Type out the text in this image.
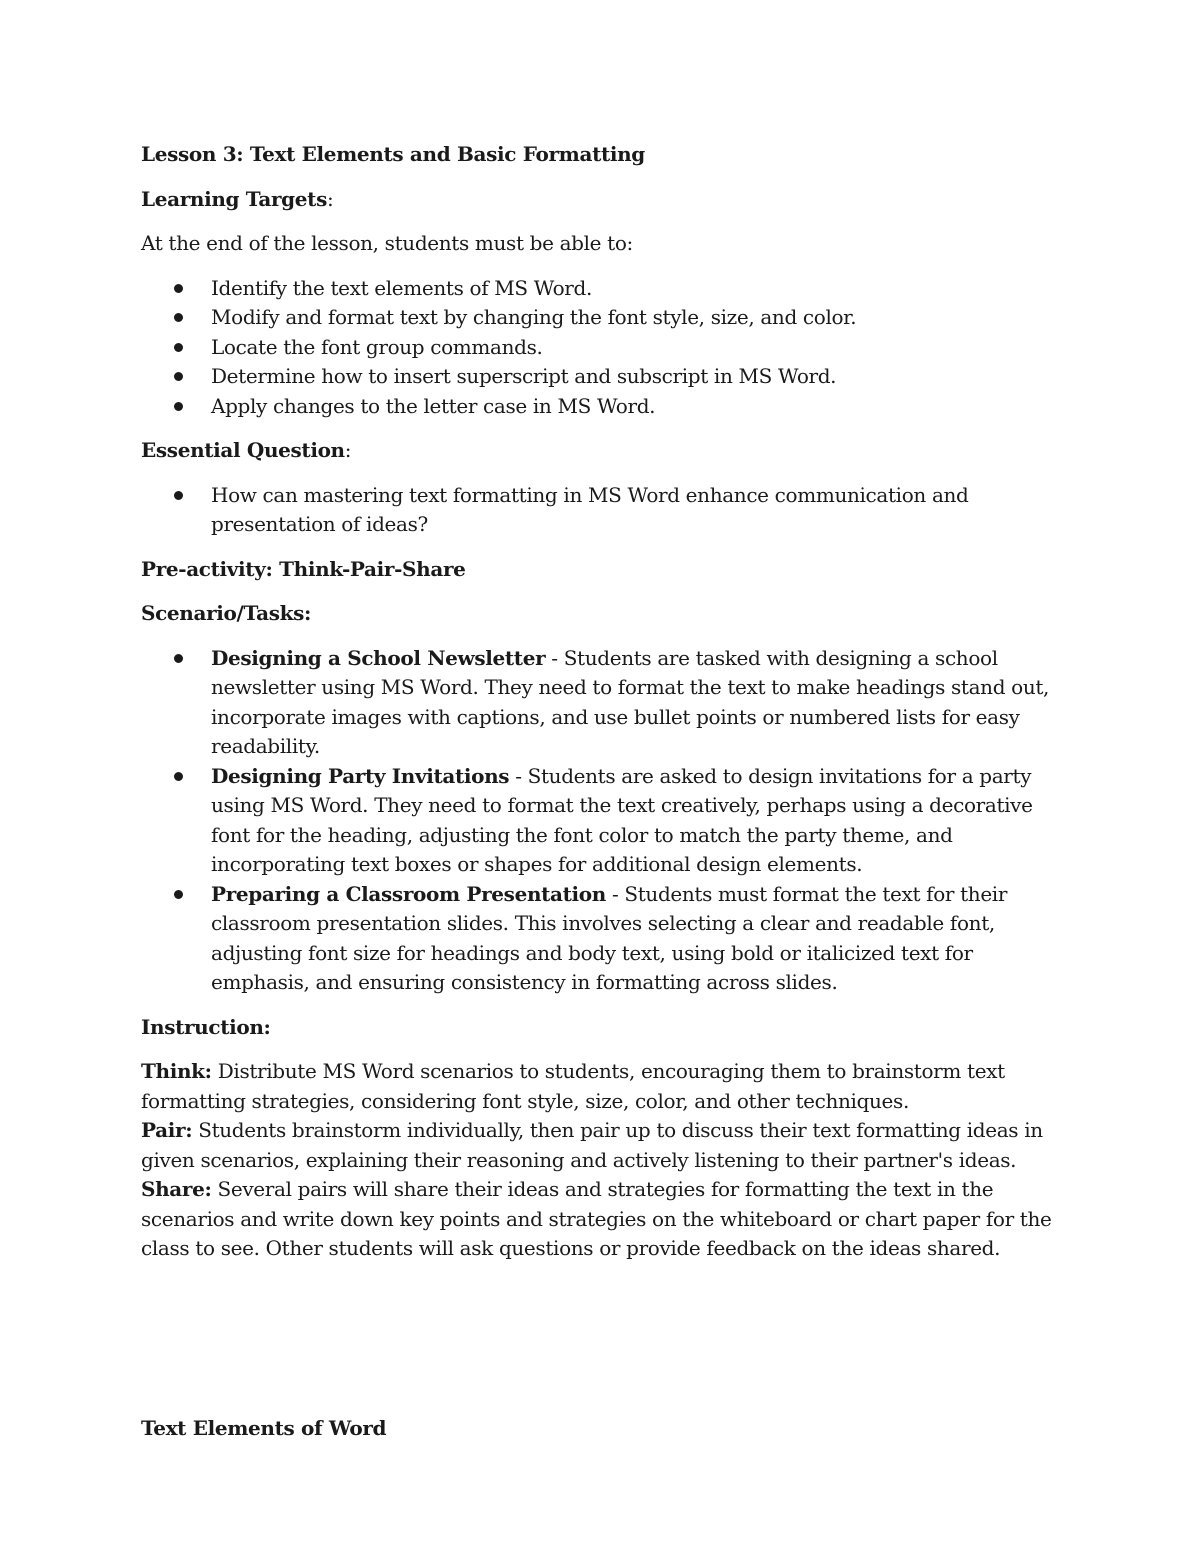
Lesson 3: Text Elements and Basic Formatting

Learning Targets:

At the end of the lesson, students must be able to:

Identify the text elements of MS Word.
Modify and format text by changing the font style, size, and color.
Locate the font group commands.
Determine how to insert superscript and subscript in MS Word.
Apply changes to the letter case in MS Word.

Essential Question:

How can mastering text formatting in MS Word enhance communication and presentation of ideas?

Pre-activity: Think-Pair-Share

Scenario/Tasks:

Designing a School Newsletter - Students are tasked with designing a school newsletter using MS Word. They need to format the text to make headings stand out, incorporate images with captions, and use bullet points or numbered lists for easy readability.
Designing Party Invitations - Students are asked to design invitations for a party using MS Word. They need to format the text creatively, perhaps using a decorative font for the heading, adjusting the font color to match the party theme, and incorporating text boxes or shapes for additional design elements.
Preparing a Classroom Presentation - Students must format the text for their classroom presentation slides. This involves selecting a clear and readable font, adjusting font size for headings and body text, using bold or italicized text for emphasis, and ensuring consistency in formatting across slides.

Instruction:

Think: Distribute MS Word scenarios to students, encouraging them to brainstorm text formatting strategies, considering font style, size, color, and other techniques.

Pair: Students brainstorm individually, then pair up to discuss their text formatting ideas in given scenarios, explaining their reasoning and actively listening to their partner's ideas.

Share: Several pairs will share their ideas and strategies for formatting the text in the scenarios and write down key points and strategies on the whiteboard or chart paper for the class to see. Other students will ask questions or provide feedback on the ideas shared.

Text Elements of Word
